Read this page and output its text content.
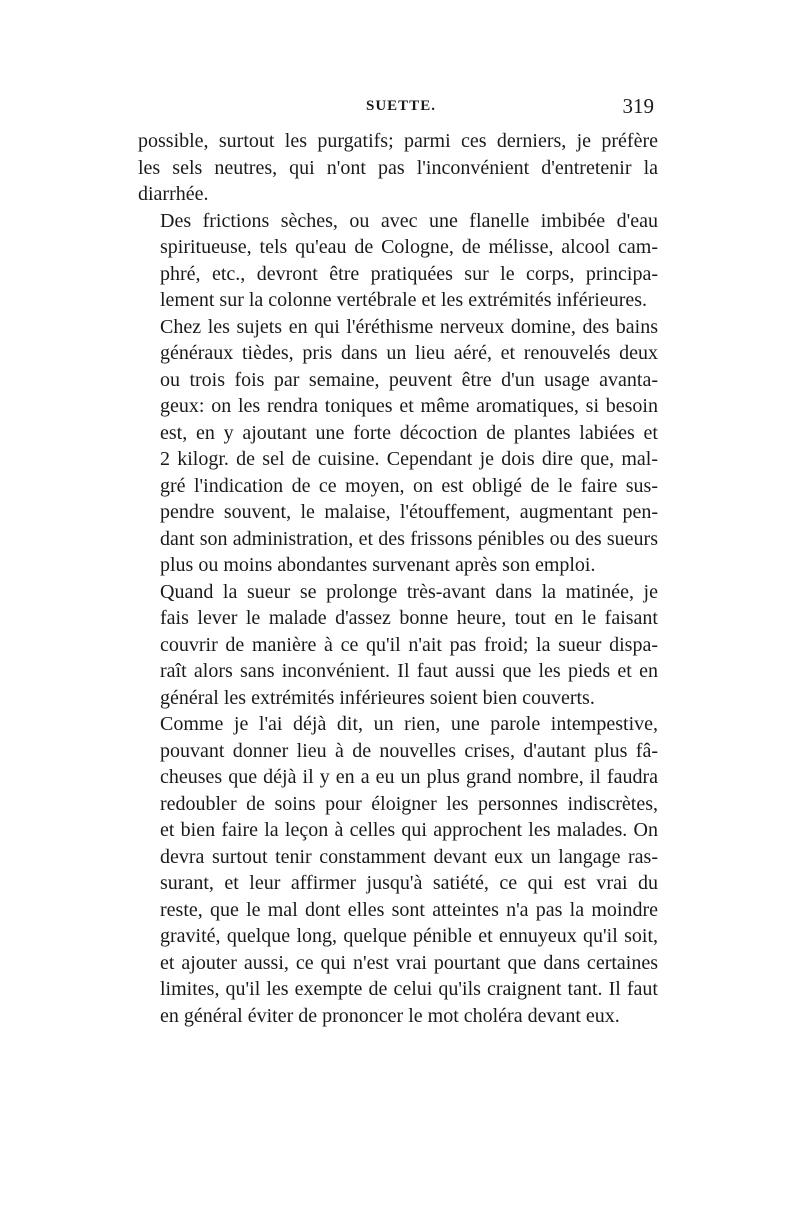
SUETTE.	319

possible, surtout les purgatifs; parmi ces derniers, je préfère
les sels neutres, qui n'ont pas l'inconvénient d'entretenir la
diarrhée.

Des frictions sèches, ou avec une flanelle imbibée d'eau
spiritueuse, tels qu'eau de Cologne, de mélisse, alcool cam-
phré, etc., devront être pratiquées sur le corps, principa-
lement sur la colonne vertébrale et les extrémités inférieures.

Chez les sujets en qui l'éréthisme nerveux domine, des bains
généraux tièdes, pris dans un lieu aéré, et renouvelés deux
ou trois fois par semaine, peuvent être d'un usage avanta-
geux: on les rendra toniques et même aromatiques, si besoin
est, en y ajoutant une forte décoction de plantes labiées et
2 kilogr. de sel de cuisine. Cependant je dois dire que, mal-
gré l'indication de ce moyen, on est obligé de le faire sus-
pendre souvent, le malaise, l'étouffement, augmentant pen-
dant son administration, et des frissons pénibles ou des sueurs
plus ou moins abondantes survenant après son emploi.

Quand la sueur se prolonge très-avant dans la matinée, je
fais lever le malade d'assez bonne heure, tout en le faisant
couvrir de manière à ce qu'il n'ait pas froid; la sueur dispa-
raît alors sans inconvénient. Il faut aussi que les pieds et en
général les extrémités inférieures soient bien couverts.

Comme je l'ai déjà dit, un rien, une parole intempestive,
pouvant donner lieu à de nouvelles crises, d'autant plus fâ-
cheuses que déjà il y en a eu un plus grand nombre, il faudra
redoubler de soins pour éloigner les personnes indiscrètes,
et bien faire la leçon à celles qui approchent les malades. On
devra surtout tenir constamment devant eux un langage ras-
surant, et leur affirmer jusqu'à satiété, ce qui est vrai du
reste, que le mal dont elles sont atteintes n'a pas la moindre
gravité, quelque long, quelque pénible et ennuyeux qu'il soit,
et ajouter aussi, ce qui n'est vrai pourtant que dans certaines
limites, qu'il les exempte de celui qu'ils craignent tant. Il faut
en général éviter de prononcer le mot choléra devant eux.
